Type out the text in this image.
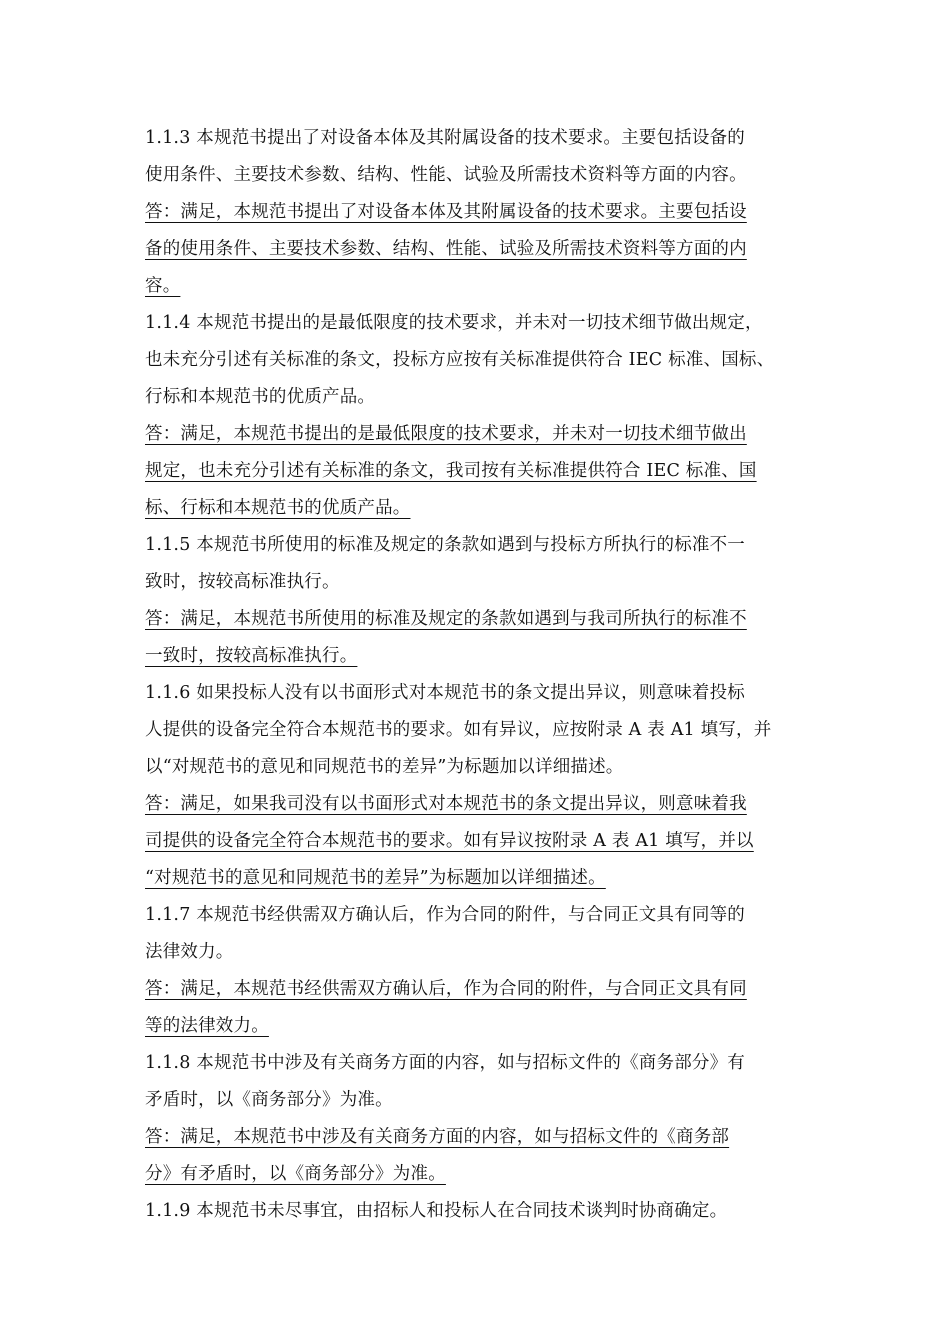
1.1.3 本规范书提出了对设备本体及其附属设备的技术要求。主要包括设备的
使用条件、主要技术参数、结构、性能、试验及所需技术资料等方面的内容。
答：满足，本规范书提出了对设备本体及其附属设备的技术要求。主要包括设
备的使用条件、主要技术参数、结构、性能、试验及所需技术资料等方面的内
容。
1.1.4 本规范书提出的是最低限度的技术要求，并未对一切技术细节做出规定，
也未充分引述有关标准的条文，投标方应按有关标准提供符合 IEC 标准、国标、
行标和本规范书的优质产品。
答：满足，本规范书提出的是最低限度的技术要求，并未对一切技术细节做出
规定，也未充分引述有关标准的条文，我司按有关标准提供符合 IEC 标准、国
标、行标和本规范书的优质产品。
1.1.5 本规范书所使用的标准及规定的条款如遇到与投标方所执行的标准不一
致时，按较高标准执行。
答：满足，本规范书所使用的标准及规定的条款如遇到与我司所执行的标准不
一致时，按较高标准执行。
1.1.6 如果投标人没有以书面形式对本规范书的条文提出异议，则意味着投标
人提供的设备完全符合本规范书的要求。如有异议，应按附录 A 表 A1 填写，并
以“对规范书的意见和同规范书的差异”为标题加以详细描述。
答：满足，如果我司没有以书面形式对本规范书的条文提出异议，则意味着我
司提供的设备完全符合本规范书的要求。如有异议按附录 A 表 A1 填写，并以
“对规范书的意见和同规范书的差异”为标题加以详细描述。
1.1.7 本规范书经供需双方确认后，作为合同的附件，与合同正文具有同等的
法律效力。
答：满足，本规范书经供需双方确认后，作为合同的附件，与合同正文具有同
等的法律效力。
1.1.8 本规范书中涉及有关商务方面的内容，如与招标文件的《商务部分》有
矛盾时，以《商务部分》为准。
答：满足，本规范书中涉及有关商务方面的内容，如与招标文件的《商务部
分》有矛盾时，以《商务部分》为准。
1.1.9 本规范书未尽事宜，由招标人和投标人在合同技术谈判时协商确定。
